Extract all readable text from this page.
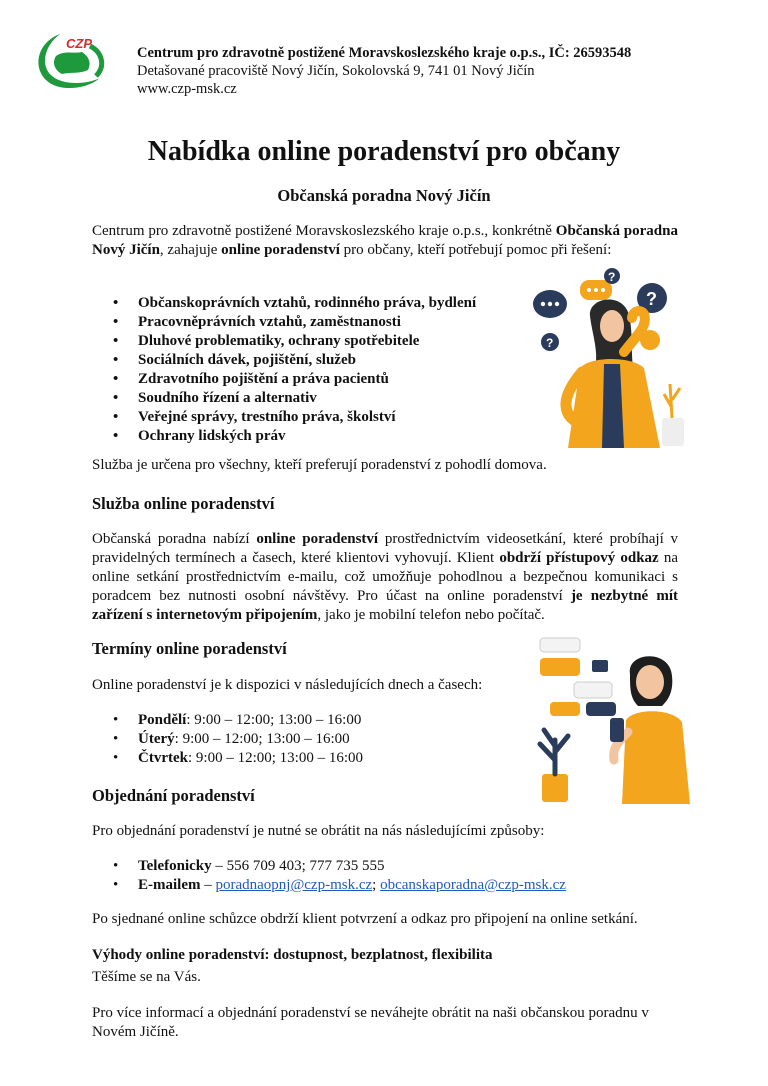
CZP
Centrum pro zdravotně postižené Moravskoslezského kraje o.p.s., IČ: 26593548
Detašované pracoviště Nový Jičín, Sokolovská 9, 741 01 Nový Jičín
www.czp-msk.cz
Nabídka online poradenství pro občany
Občanská poradna Nový Jičín
Centrum pro zdravotně postižené Moravskoslezského kraje o.p.s., konkrétně Občanská poradna Nový Jičín, zahajuje online poradenství pro občany, kteří potřebují pomoc při řešení:
• Občanskoprávních vztahů, rodinného práva, bydlení
• Pracovněprávních vztahů, zaměstnanosti
• Dluhové problematiky, ochrany spotřebitele
• Sociálních dávek, pojištění, služeb
• Zdravotního pojištění a práva pacientů
• Soudního řízení a alternativ
• Veřejné správy, trestního práva, školství
• Ochrany lidských práv
?
?
?
Služba je určena pro všechny, kteří preferují poradenství z pohodlí domova.
Služba online poradenství
Občanská poradna nabízí online poradenství prostřednictvím videosetkání, které probíhají v pravidelných termínech a časech, které klientovi vyhovují. Klient obdrží přístupový odkaz na online setkání prostřednictvím e-mailu, což umožňuje pohodlnou a bezpečnou komunikaci s poradcem bez nutnosti osobní návštěvy. Pro účast na online poradenství je nezbytné mít zařízení s internetovým připojením, jako je mobilní telefon nebo počítač.
Termíny online poradenství
Online poradenství je k dispozici v následujících dnech a časech:
• Pondělí: 9:00 – 12:00; 13:00 – 16:00
• Úterý: 9:00 – 12:00; 13:00 – 16:00
• Čtvrtek: 9:00 – 12:00; 13:00 – 16:00
Objednání poradenství
Pro objednání poradenství je nutné se obrátit na nás následujícími způsoby:
• Telefonicky – 556 709 403; 777 735 555
• E-mailem – poradnaopnj@czp-msk.cz; obcanskaporadna@czp-msk.cz
Po sjednané online schůzce obdrží klient potvrzení a odkaz pro připojení na online setkání.
Výhody online poradenství: dostupnost, bezplatnost, flexibilita
Těšíme se na Vás.
Pro více informací a objednání poradenství se neváhejte obrátit na naši občanskou poradnu v Novém Jičíně.
